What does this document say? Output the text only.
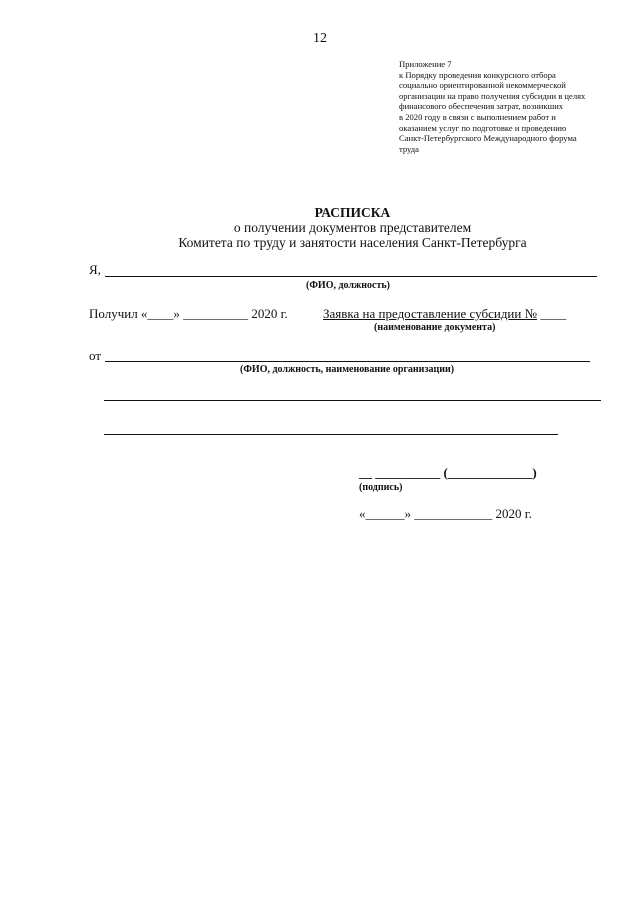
12
Приложение 7
к Порядку проведения конкурсного отбора
социально ориентированной некоммерческой
организации на право получения субсидии в целях
финансового обеспечения затрат, возникших
в 2020 году в связи с выполнением работ и
оказанием услуг по подготовке и проведению
Санкт-Петербургского Международного форума
труда
РАСПИСКА
о получении документов представителем
Комитета по труду и занятости населения Санкт-Петербурга
Я,
(ФИО, должность)
Получил «____» __________ 2020 г.	Заявка на предоставление субсидии № ____
(наименование документа)
от
(ФИО, должность, наименование организации)
__ __________ (_____________)
(подпись)
«______» ____________ 2020 г.
